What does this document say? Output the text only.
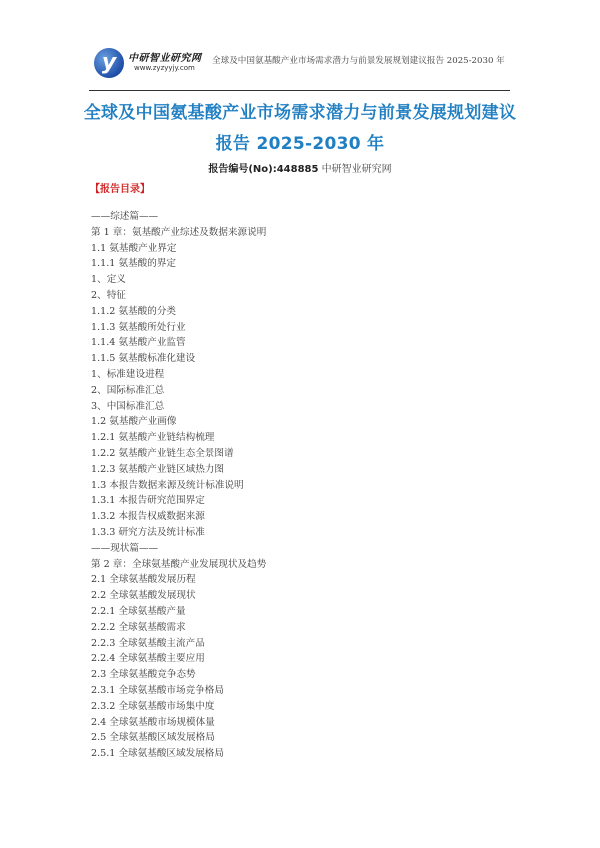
y	中研智业研究网
www.zyzyyjy.com
全球及中国氨基酸产业市场需求潜力与前景发展规划建议报告 2025-2030 年
全球及中国氨基酸产业市场需求潜力与前景发展规划建议
报告 2025-2030 年
报告编号(No):448885 中研智业研究网
【报告目录】
——综述篇——
第 1 章：氨基酸产业综述及数据来源说明
1.1 氨基酸产业界定
1.1.1 氨基酸的界定
1、定义
2、特征
1.1.2 氨基酸的分类
1.1.3 氨基酸所处行业
1.1.4 氨基酸产业监管
1.1.5 氨基酸标准化建设
1、标准建设进程
2、国际标准汇总
3、中国标准汇总
1.2 氨基酸产业画像
1.2.1 氨基酸产业链结构梳理
1.2.2 氨基酸产业链生态全景图谱
1.2.3 氨基酸产业链区域热力图
1.3 本报告数据来源及统计标准说明
1.3.1 本报告研究范围界定
1.3.2 本报告权威数据来源
1.3.3 研究方法及统计标准
——现状篇——
第 2 章：全球氨基酸产业发展现状及趋势
2.1 全球氨基酸发展历程
2.2 全球氨基酸发展现状
2.2.1 全球氨基酸产量
2.2.2 全球氨基酸需求
2.2.3 全球氨基酸主流产品
2.2.4 全球氨基酸主要应用
2.3 全球氨基酸竞争态势
2.3.1 全球氨基酸市场竞争格局
2.3.2 全球氨基酸市场集中度
2.4 全球氨基酸市场规模体量
2.5 全球氨基酸区域发展格局
2.5.1 全球氨基酸区域发展格局
